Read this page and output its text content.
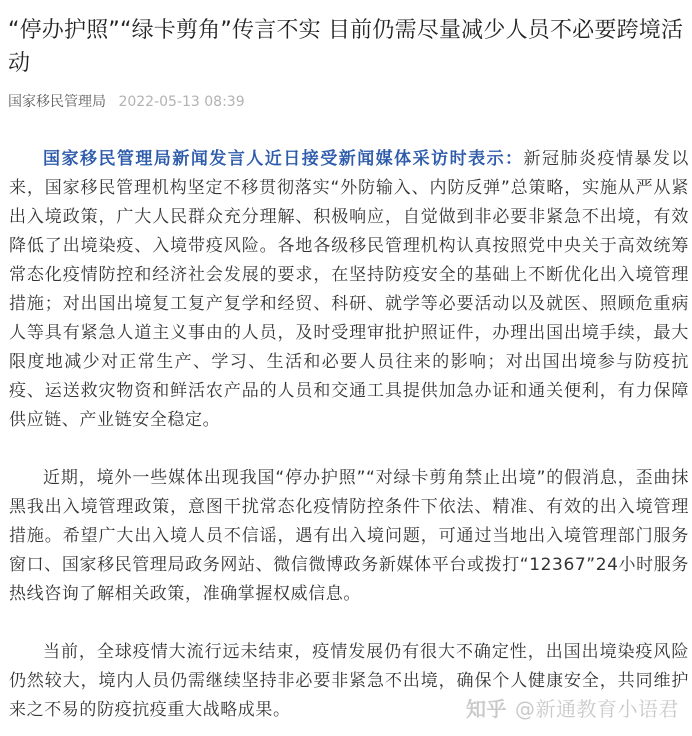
“停办护照”“绿卡剪角”传言不实 目前仍需尽量减少人员不必要跨境活动
国家移民管理局 2022-05-13 08:39

国家移民管理局新闻发言人近日接受新闻媒体采访时表示：新冠肺炎疫情暴发以来，国家移民管理机构坚定不移贯彻落实“外防输入、内防反弹”总策略，实施从严从紧出入境政策，广大人民群众充分理解、积极响应，自觉做到非必要非紧急不出境，有效降低了出境染疫、入境带疫风险。各地各级移民管理机构认真按照党中央关于高效统筹常态化疫情防控和经济社会发展的要求，在坚持防疫安全的基础上不断优化出入境管理措施；对出国出境复工复产复学和经贸、科研、就学等必要活动以及就医、照顾危重病人等具有紧急人道主义事由的人员，及时受理审批护照证件，办理出国出境手续，最大限度地减少对正常生产、学习、生活和必要人员往来的影响；对出国出境参与防疫抗疫、运送救灾物资和鲜活农产品的人员和交通工具提供加急办证和通关便利，有力保障供应链、产业链安全稳定。

近期，境外一些媒体出现我国“停办护照”“对绿卡剪角禁止出境”的假消息，歪曲抹黑我出入境管理政策，意图干扰常态化疫情防控条件下依法、精准、有效的出入境管理措施。希望广大出入境人员不信谣，遇有出入境问题，可通过当地出入境管理部门服务窗口、国家移民管理局政务网站、微信微博政务新媒体平台或拨打“12367”24小时服务热线咨询了解相关政策，准确掌握权威信息。

当前，全球疫情大流行远未结束，疫情发展仍有很大不确定性，出国出境染疫风险仍然较大，境内人员仍需继续坚持非必要非紧急不出境，确保个人健康安全，共同维护来之不易的防疫抗疫重大战略成果。	知乎 @新通教育小语君
